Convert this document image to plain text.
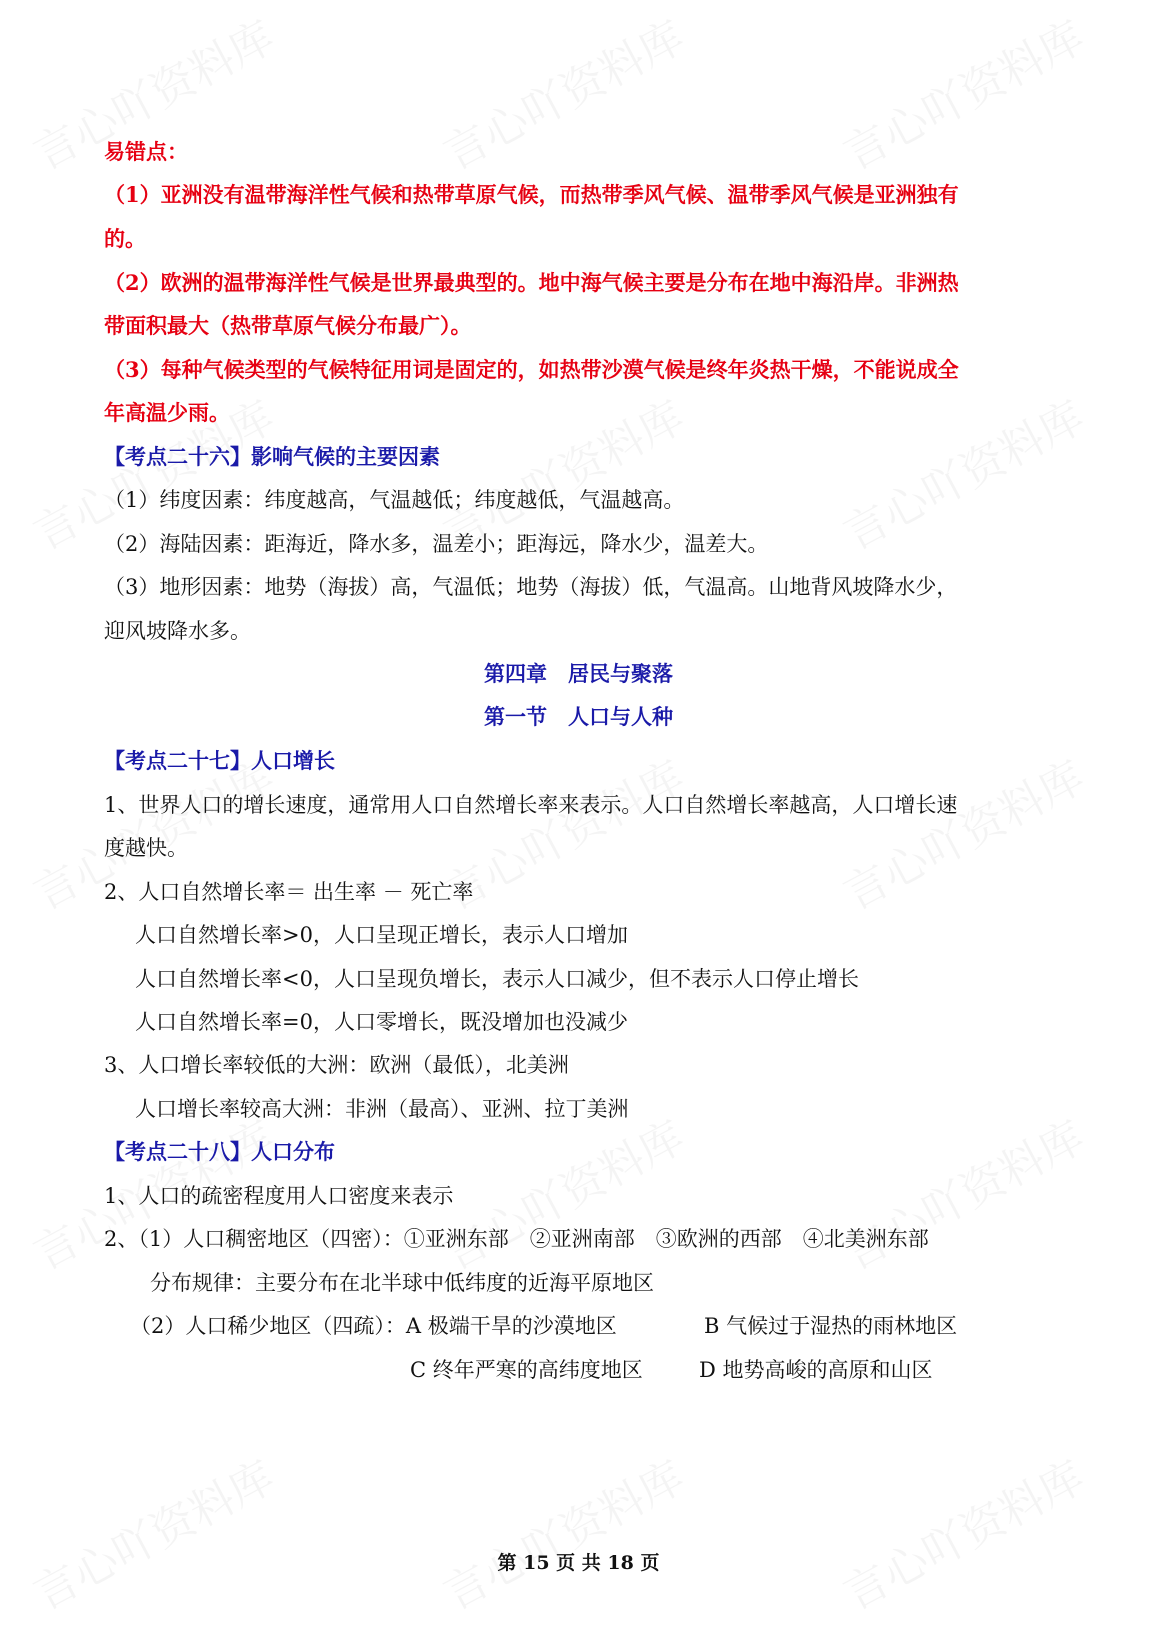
易错点：
（1）亚洲没有温带海洋性气候和热带草原气候，而热带季风气候、温带季风气候是亚洲独有
的。
（2）欧洲的温带海洋性气候是世界最典型的。地中海气候主要是分布在地中海沿岸。非洲热
带面积最大（热带草原气候分布最广）。
（3）每种气候类型的气候特征用词是固定的，如热带沙漠气候是终年炎热干燥，不能说成全
年高温少雨。
【考点二十六】影响气候的主要因素
（1）纬度因素：纬度越高，气温越低；纬度越低，气温越高。
（2）海陆因素：距海近，降水多，温差小；距海远，降水少，温差大。
（3）地形因素：地势（海拔）高，气温低；地势（海拔）低，气温高。山地背风坡降水少，
迎风坡降水多。
第四章　居民与聚落
第一节　人口与人种
【考点二十七】人口增长
1、世界人口的增长速度，通常用人口自然增长率来表示。人口自然增长率越高，人口增长速
度越快。
2、人口自然增长率＝ 出生率 － 死亡率
人口自然增长率>0，人口呈现正增长，表示人口增加
人口自然增长率<0，人口呈现负增长，表示人口减少，但不表示人口停止增长
人口自然增长率=0，人口零增长，既没增加也没减少
3、人口增长率较低的大洲：欧洲（最低），北美洲
人口增长率较高大洲：非洲（最高）、亚洲、拉丁美洲
【考点二十八】人口分布
1、人口的疏密程度用人口密度来表示
2、（1）人口稠密地区（四密）：①亚洲东部　②亚洲南部　③欧洲的西部　④北美洲东部
分布规律：主要分布在北半球中低纬度的近海平原地区
（2）人口稀少地区（四疏）：A 极端干旱的沙漠地区	B 气候过于湿热的雨林地区
C 终年严寒的高纬度地区	D 地势高峻的高原和山区
第 15 页 共 18 页
